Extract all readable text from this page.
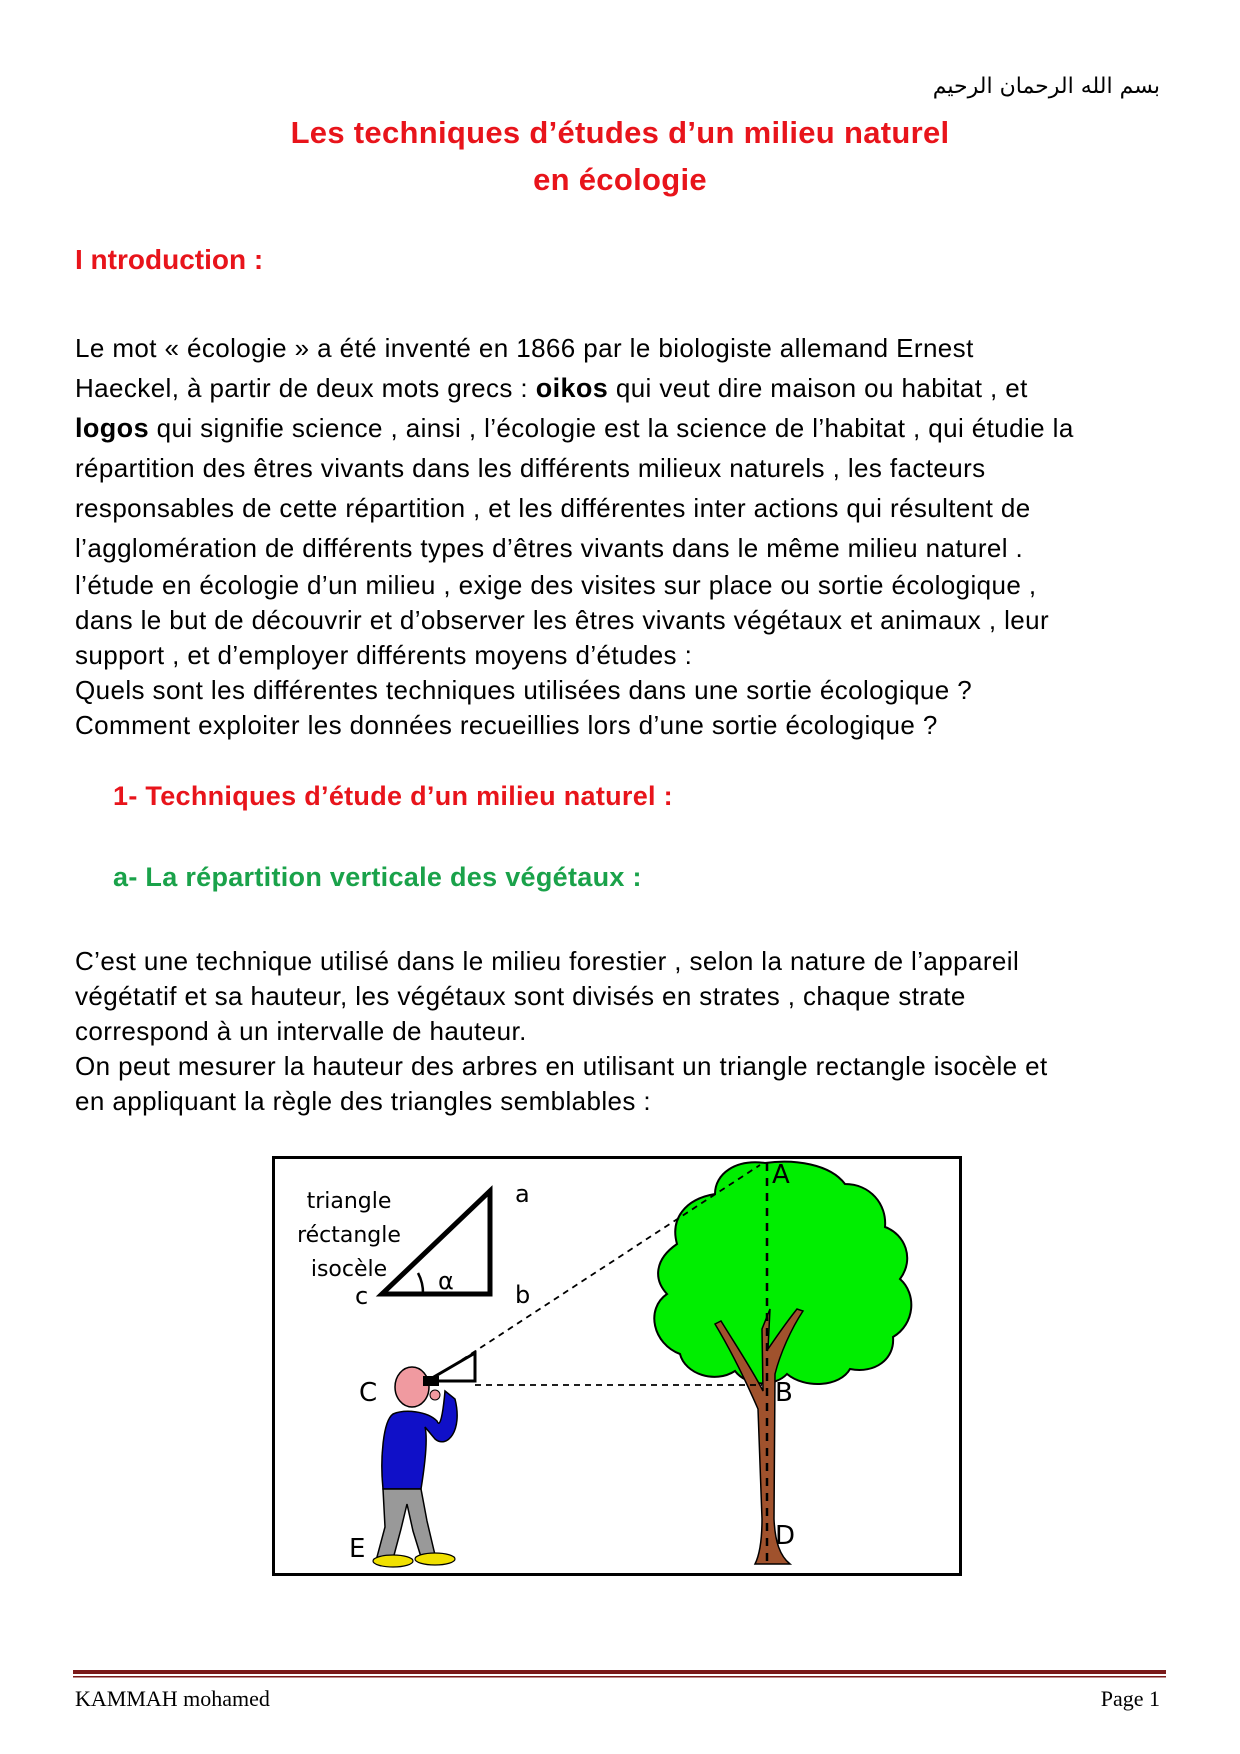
بسم الله الرحمان الرحيم
Les techniques d’études d’un milieu naturel
en écologie
I ntroduction :
Le mot « écologie » a été inventé en 1866 par le biologiste allemand Ernest
Haeckel, à partir de deux mots grecs : oikos qui veut dire maison ou habitat , et
logos qui signifie science , ainsi , l’écologie est la science de l’habitat , qui étudie la
répartition des êtres vivants dans les différents milieux naturels , les facteurs
responsables de cette répartition , et les différentes inter actions qui résultent de
l’agglomération de différents types d’êtres vivants dans le même milieu naturel .
l’étude en écologie d’un milieu , exige des visites sur place ou sortie écologique ,
dans le but de découvrir et d’observer les êtres vivants végétaux et animaux , leur
support , et d’employer différents moyens d’études :
Quels sont les différentes techniques utilisées dans une sortie écologique ?
Comment exploiter les données recueillies lors d’une sortie écologique ?
1- Techniques d’étude d’un milieu naturel :
a- La répartition verticale des végétaux :
C’est une technique utilisé dans le milieu forestier , selon la nature de l’appareil
végétatif et sa hauteur, les végétaux sont divisés en strates , chaque strate
correspond à un intervalle de hauteur.
On peut mesurer la hauteur des arbres en utilisant un triangle rectangle isocèle et
en appliquant la règle des triangles semblables :
α
triangle
réctangle
isocèle
a
b
c
A
B
C
D
E
KAMMAH mohamed	Page 1
